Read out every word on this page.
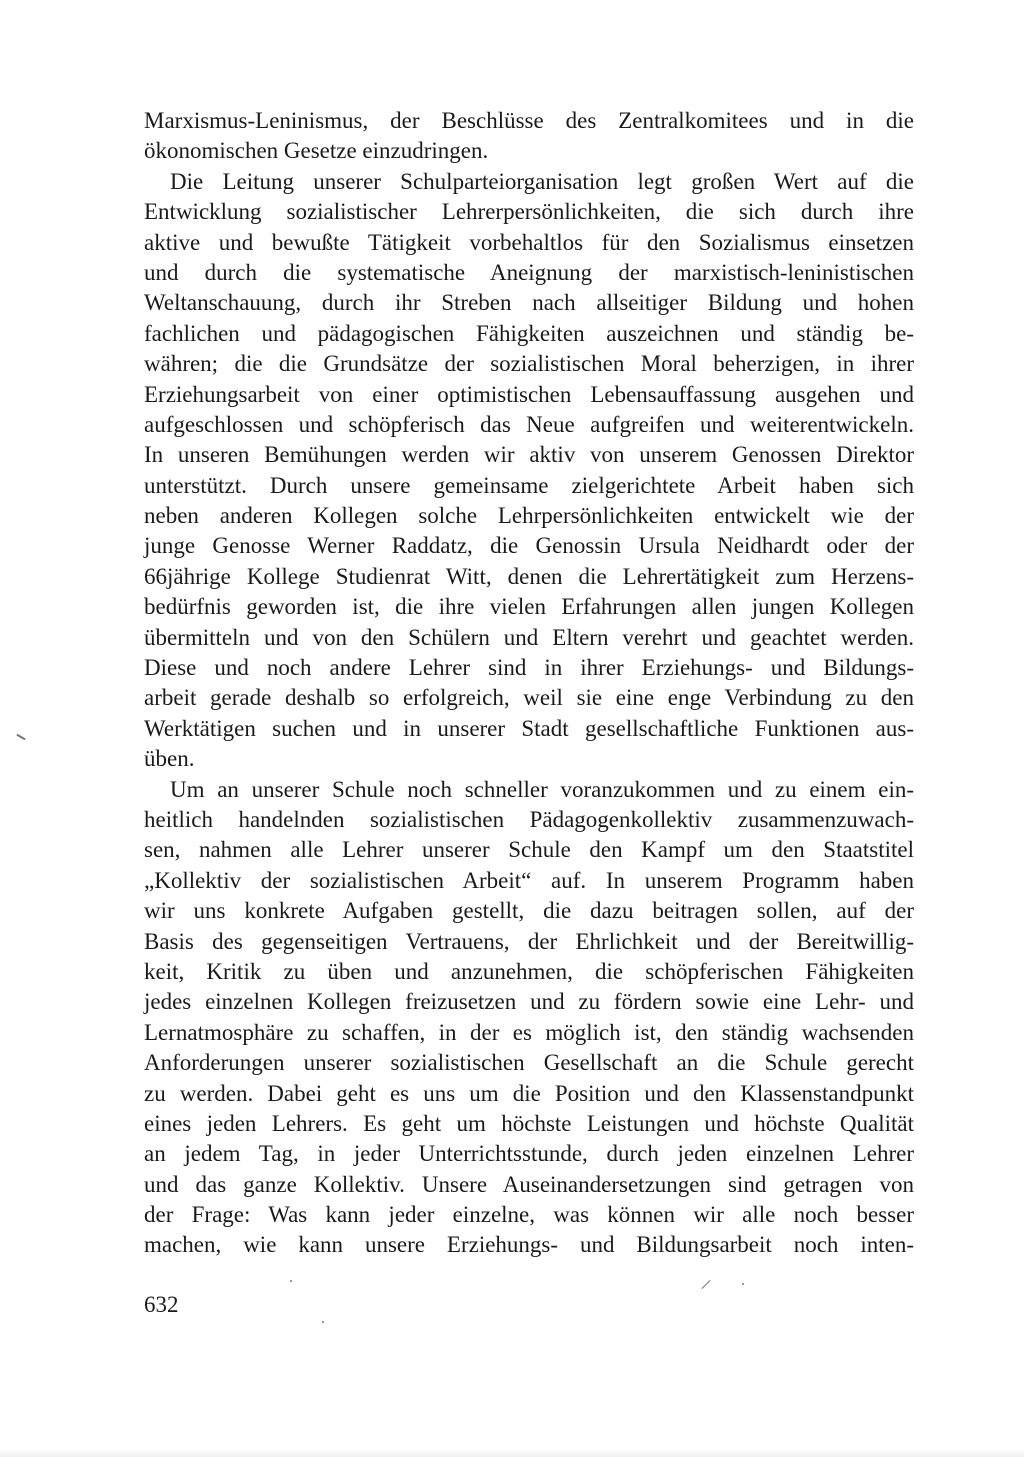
Marxismus-Leninismus, der Beschlüsse des Zentralkomitees und in die
ökonomischen Gesetze einzudringen.
Die Leitung unserer Schulparteiorganisation legt großen Wert auf die
Entwicklung sozialistischer Lehrerpersönlichkeiten, die sich durch ihre
aktive und bewußte Tätigkeit vorbehaltlos für den Sozialismus einsetzen
und durch die systematische Aneignung der marxistisch-leninistischen
Weltanschauung, durch ihr Streben nach allseitiger Bildung und hohen
fachlichen und pädagogischen Fähigkeiten auszeichnen und ständig be-
währen; die die Grundsätze der sozialistischen Moral beherzigen, in ihrer
Erziehungsarbeit von einer optimistischen Lebensauffassung ausgehen und
aufgeschlossen und schöpferisch das Neue aufgreifen und weiterentwickeln.
In unseren Bemühungen werden wir aktiv von unserem Genossen Direktor
unterstützt. Durch unsere gemeinsame zielgerichtete Arbeit haben sich
neben anderen Kollegen solche Lehrpersönlichkeiten entwickelt wie der
junge Genosse Werner Raddatz, die Genossin Ursula Neidhardt oder der
66jährige Kollege Studienrat Witt, denen die Lehrertätigkeit zum Herzens-
bedürfnis geworden ist, die ihre vielen Erfahrungen allen jungen Kollegen
übermitteln und von den Schülern und Eltern verehrt und geachtet werden.
Diese und noch andere Lehrer sind in ihrer Erziehungs- und Bildungs-
arbeit gerade deshalb so erfolgreich, weil sie eine enge Verbindung zu den
Werktätigen suchen und in unserer Stadt gesellschaftliche Funktionen aus-
üben.
Um an unserer Schule noch schneller voranzukommen und zu einem ein-
heitlich handelnden sozialistischen Pädagogenkollektiv zusammenzuwach-
sen, nahmen alle Lehrer unserer Schule den Kampf um den Staatstitel
„Kollektiv der sozialistischen Arbeit“ auf. In unserem Programm haben
wir uns konkrete Aufgaben gestellt, die dazu beitragen sollen, auf der
Basis des gegenseitigen Vertrauens, der Ehrlichkeit und der Bereitwillig-
keit, Kritik zu üben und anzunehmen, die schöpferischen Fähigkeiten
jedes einzelnen Kollegen freizusetzen und zu fördern sowie eine Lehr- und
Lernatmosphäre zu schaffen, in der es möglich ist, den ständig wachsenden
Anforderungen unserer sozialistischen Gesellschaft an die Schule gerecht
zu werden. Dabei geht es uns um die Position und den Klassenstandpunkt
eines jeden Lehrers. Es geht um höchste Leistungen und höchste Qualität
an jedem Tag, in jeder Unterrichtsstunde, durch jeden einzelnen Lehrer
und das ganze Kollektiv. Unsere Auseinandersetzungen sind getragen von
der Frage: Was kann jeder einzelne, was können wir alle noch besser
machen, wie kann unsere Erziehungs- und Bildungsarbeit noch inten-
632
